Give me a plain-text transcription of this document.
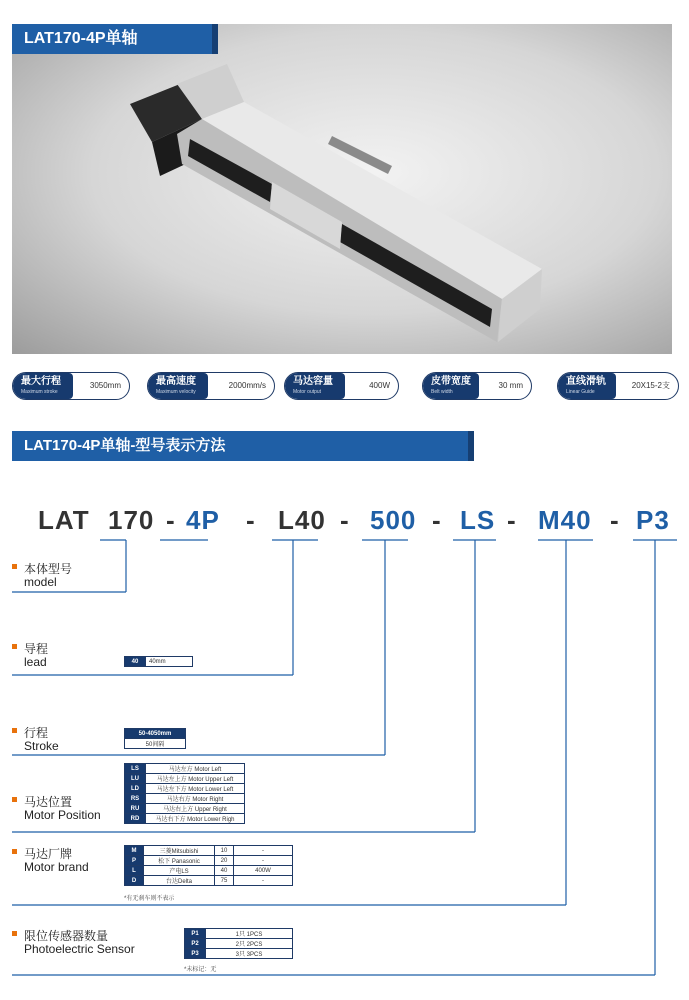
LAT170-4P单轴
最大行程
Maximum stroke
3050mm	最高速度
Maximum velocity
2000mm/s	马达容量
Motor output
400W	皮带宽度
Belt width
30 mm	直线滑轨
Linear Guide
20X15-2支
LAT170-4P单轴-型号表示方法
LAT 170 - 4P - L40 - 500 - LS - M40 - P3
本体型号
model
导程
lead
行程
Stroke
马达位置
Motor Position
马达厂牌
Motor brand
限位传感器数量
Photoelectric Sensor
40	40mm
50-4050mm
50间隔
LS	马达左方 Motor Left
LU	马达左上方 Motor Upper Left
LD	马达左下方 Motor Lower Left
RS	马达右方 Motor Right
RU	马达右上方 Upper Right
RD	马达右下方 Motor Lower Righ
M	三菱Mitsubishi	10	-
P	松下 Panasonic	20	-
L	产电LS	40	400W
D	台达Delta	75	-
*有无刹车则不表示
P1	1只 1PCS
P2	2只 2PCS
P3	3只 3PCS
*未标记：无
